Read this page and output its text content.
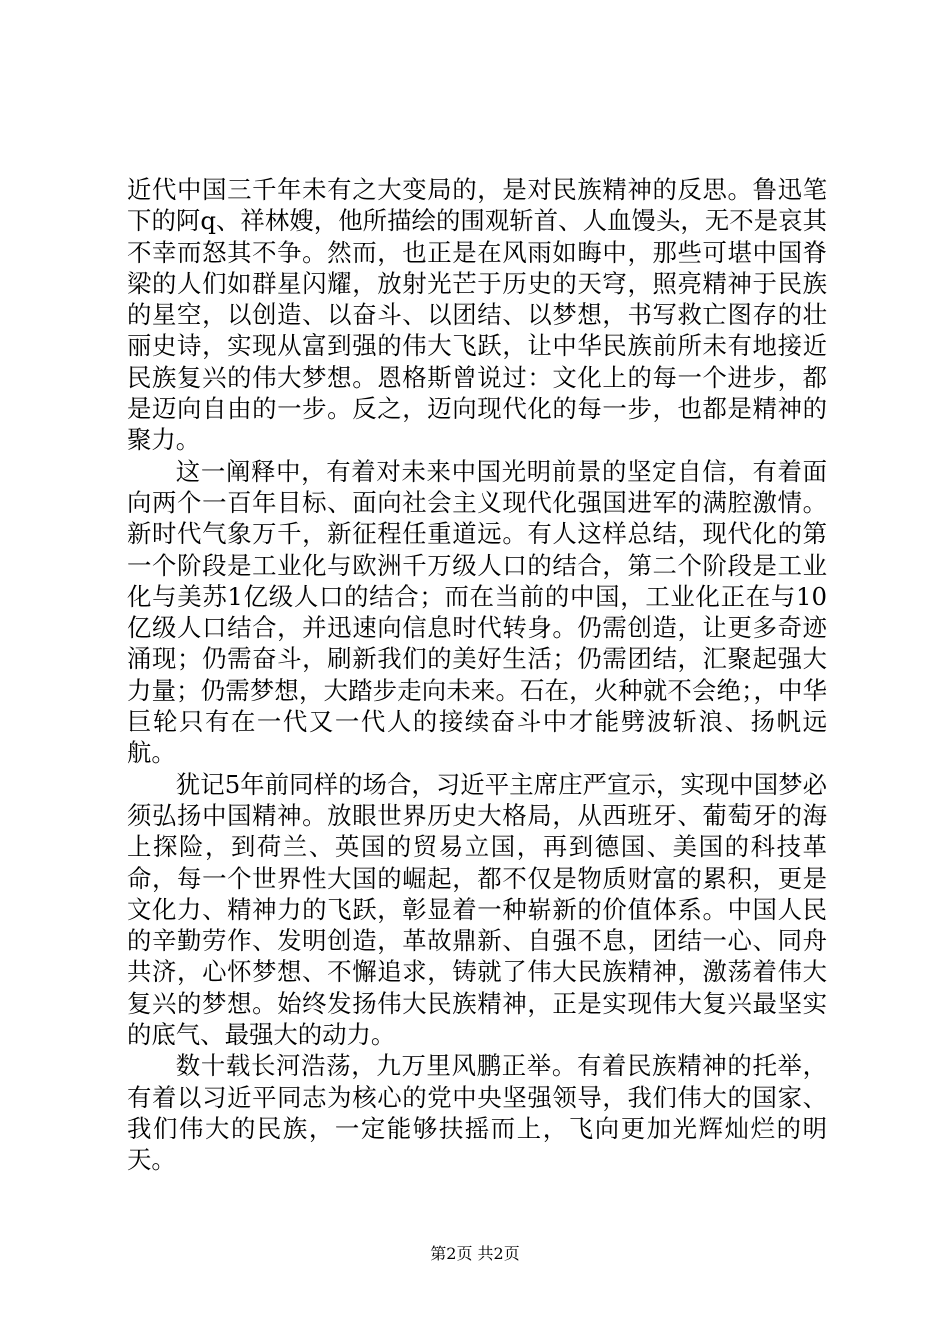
近代中国三千年未有之大变局的，是对民族精神的反思。鲁迅笔下的阿q、祥林嫂，他所描绘的围观斩首、人血馒头，无不是哀其不幸而怒其不争。然而，也正是在风雨如晦中，那些可堪中国脊梁的人们如群星闪耀，放射光芒于历史的天穹，照亮精神于民族的星空，以创造、以奋斗、以团结、以梦想，书写救亡图存的壮丽史诗，实现从富到强的伟大飞跃，让中华民族前所未有地接近民族复兴的伟大梦想。恩格斯曾说过：文化上的每一个进步，都是迈向自由的一步。反之，迈向现代化的每一步，也都是精神的聚力。

这一阐释中，有着对未来中国光明前景的坚定自信，有着面向两个一百年目标、面向社会主义现代化强国进军的满腔激情。新时代气象万千，新征程任重道远。有人这样总结，现代化的第一个阶段是工业化与欧洲千万级人口的结合，第二个阶段是工业化与美苏1亿级人口的结合；而在当前的中国，工业化正在与10亿级人口结合，并迅速向信息时代转身。仍需创造，让更多奇迹涌现；仍需奋斗，刷新我们的美好生活；仍需团结，汇聚起强大力量；仍需梦想，大踏步走向未来。石在，火种就不会绝；，中华巨轮只有在一代又一代人的接续奋斗中才能劈波斩浪、扬帆远航。

犹记5年前同样的场合，习近平主席庄严宣示，实现中国梦必须弘扬中国精神。放眼世界历史大格局，从西班牙、葡萄牙的海上探险，到荷兰、英国的贸易立国，再到德国、美国的科技革命，每一个世界性大国的崛起，都不仅是物质财富的累积，更是文化力、精神力的飞跃，彰显着一种崭新的价值体系。中国人民的辛勤劳作、发明创造，革故鼎新、自强不息，团结一心、同舟共济，心怀梦想、不懈追求，铸就了伟大民族精神，激荡着伟大复兴的梦想。始终发扬伟大民族精神，正是实现伟大复兴最坚实的底气、最强大的动力。

数十载长河浩荡，九万里风鹏正举。有着民族精神的托举，有着以习近平同志为核心的党中央坚强领导，我们伟大的国家、我们伟大的民族，一定能够扶摇而上，飞向更加光辉灿烂的明天。

第2页 共2页
